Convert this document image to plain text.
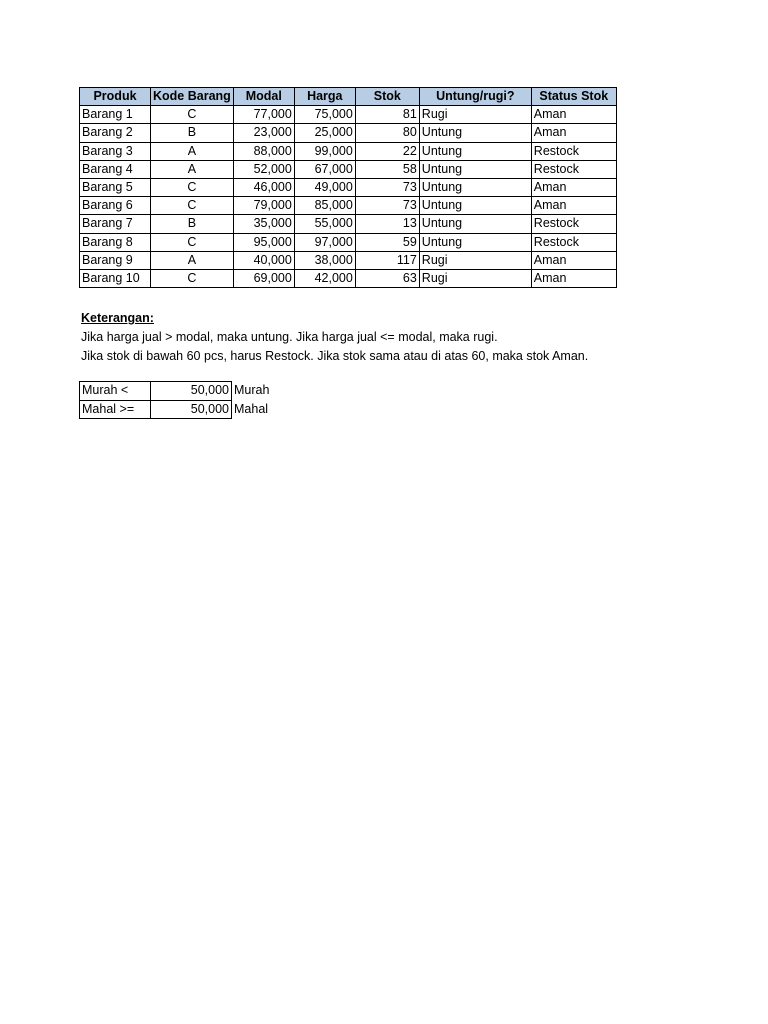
Produk	Kode Barang	Modal	Harga	Stok	Untung/rugi?	Status Stok
Barang 1	C	77,000	75,000	81	Rugi	Aman
Barang 2	B	23,000	25,000	80	Untung	Aman
Barang 3	A	88,000	99,000	22	Untung	Restock
Barang 4	A	52,000	67,000	58	Untung	Restock
Barang 5	C	46,000	49,000	73	Untung	Aman
Barang 6	C	79,000	85,000	73	Untung	Aman
Barang 7	B	35,000	55,000	13	Untung	Restock
Barang 8	C	95,000	97,000	59	Untung	Restock
Barang 9	A	40,000	38,000	117	Rugi	Aman
Barang 10	C	69,000	42,000	63	Rugi	Aman
Keterangan:
Jika harga jual > modal, maka untung. Jika harga jual <= modal, maka rugi.
Jika stok di bawah 60 pcs, harus Restock. Jika stok sama atau di atas 60, maka stok Aman.
Murah <	50,000	Murah
Mahal >=	50,000	Mahal
